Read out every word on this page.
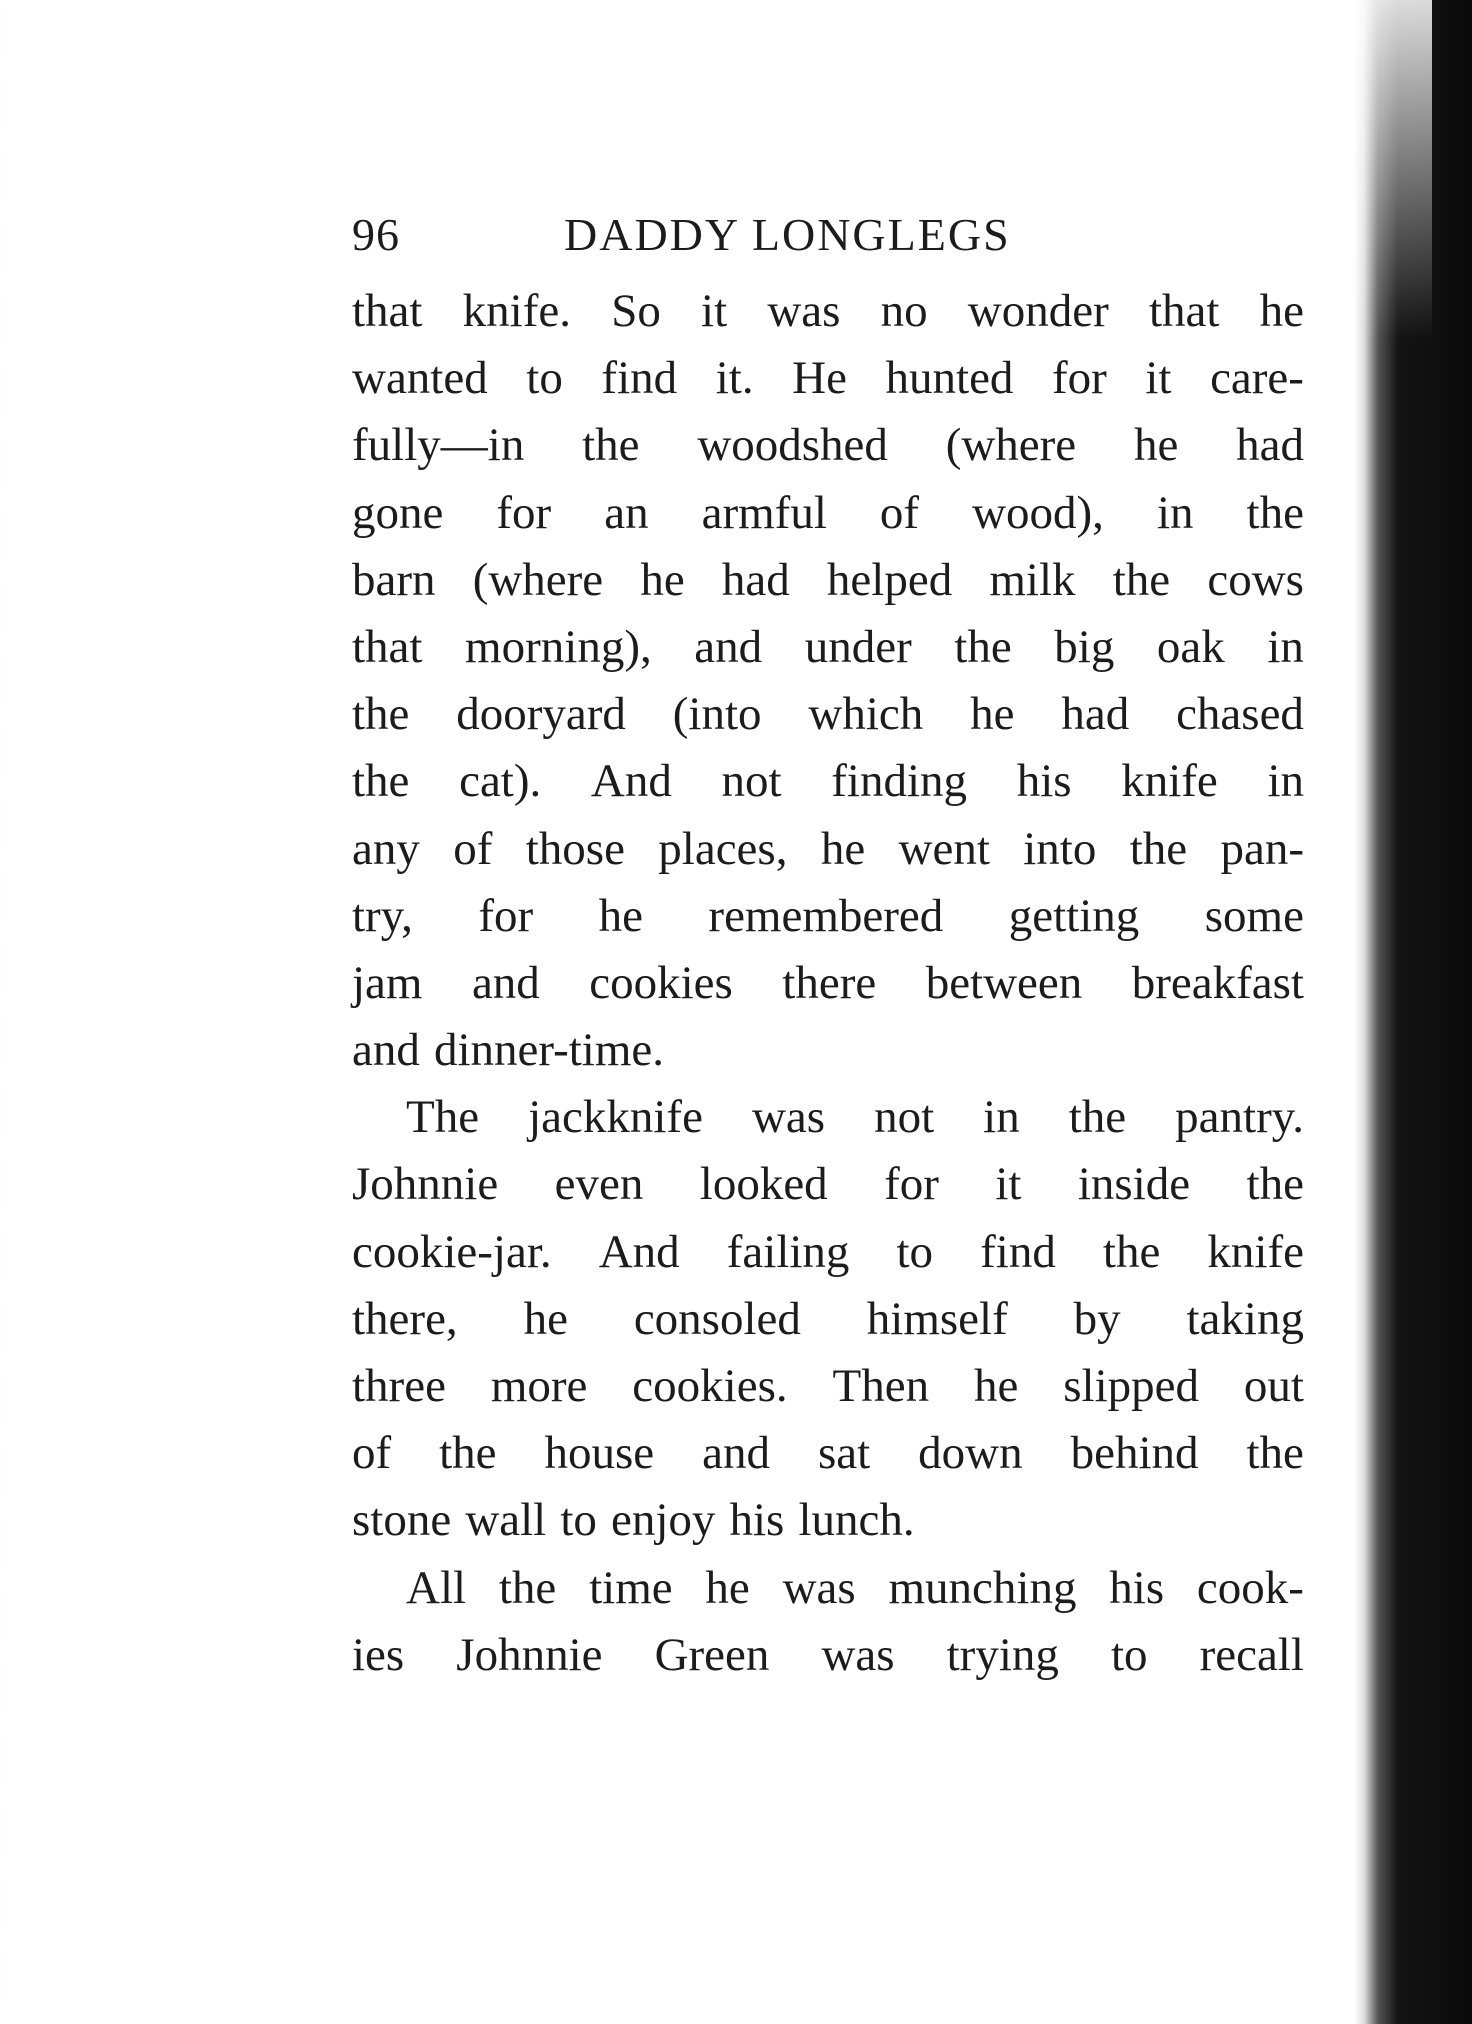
96	DADDY LONGLEGS
that knife. So it was no wonder that he
wanted to find it. He hunted for it care-
fully—in the woodshed (where he had
gone for an armful of wood), in the
barn (where he had helped milk the cows
that morning), and under the big oak in
the dooryard (into which he had chased
the cat). And not finding his knife in
any of those places, he went into the pan-
try, for he remembered getting some
jam and cookies there between breakfast
and dinner-time.
The jackknife was not in the pantry.
Johnnie even looked for it inside the
cookie-jar. And failing to find the knife
there, he consoled himself by taking
three more cookies. Then he slipped out
of the house and sat down behind the
stone wall to enjoy his lunch.
All the time he was munching his cook-
ies Johnnie Green was trying to recall
